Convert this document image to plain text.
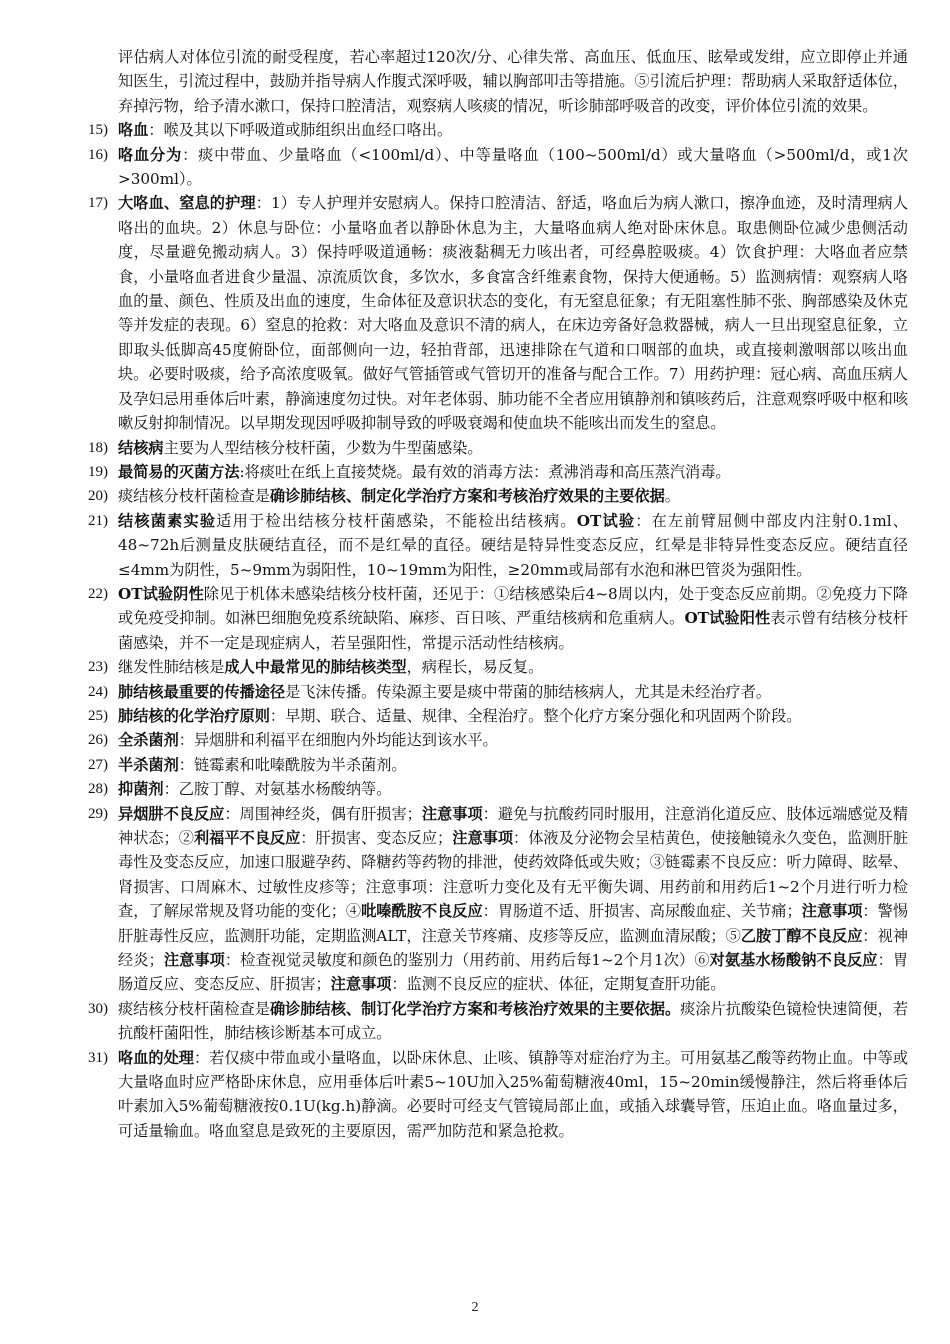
评估病人对体位引流的耐受程度，若心率超过120次/分、心律失常、高血压、低血压、眩晕或发绀，应立即停止并通知医生，引流过程中，鼓励并指导病人作腹式深呼吸，辅以胸部叩击等措施。⑤引流后护理：帮助病人采取舒适体位，弃掉污物，给予清水漱口，保持口腔清洁，观察病人咳痰的情况，听诊肺部呼吸音的改变，评价体位引流的效果。
15) 咯血：喉及其以下呼吸道或肺组织出血经口咯出。
16) 咯血分为：痰中带血、少量咯血（<100ml/d）、中等量咯血（100~500ml/d）或大量咯血（>500ml/d，或1次>300ml）。
17) 大咯血、窒息的护理：1）专人护理并安慰病人。保持口腔清洁、舒适，咯血后为病人漱口，擦净血迹，及时清理病人咯出的血块。2）休息与卧位：小量咯血者以静卧休息为主，大量咯血病人绝对卧床休息。取患侧卧位减少患侧活动度，尽量避免搬动病人。3）保持呼吸道通畅：痰液黏稠无力咳出者，可经鼻腔吸痰。4）饮食护理：大咯血者应禁食，小量咯血者进食少量温、凉流质饮食，多饮水，多食富含纤维素食物，保持大便通畅。5）监测病情：观察病人咯血的量、颜色、性质及出血的速度，生命体征及意识状态的变化，有无窒息征象；有无阻塞性肺不张、胸部感染及休克等并发症的表现。6）窒息的抢救：对大咯血及意识不清的病人，在床边旁备好急救器械，病人一旦出现窒息征象，立即取头低脚高45度俯卧位，面部侧向一边，轻拍背部，迅速排除在气道和口咽部的血块，或直接刺激咽部以咳出血块。必要时吸痰，给予高浓度吸氧。做好气管插管或气管切开的准备与配合工作。7）用药护理：冠心病、高血压病人及孕妇忌用垂体后叶素，静滴速度勿过快。对年老体弱、肺功能不全者应用镇静剂和镇咳药后，注意观察呼吸中枢和咳嗽反射抑制情况。以早期发现因呼吸抑制导致的呼吸衰竭和使血块不能咳出而发生的窒息。
18) 结核病主要为人型结核分枝杆菌，少数为牛型菌感染。
19) 最简易的灭菌方法:将痰吐在纸上直接焚烧。最有效的消毒方法：煮沸消毒和高压蒸汽消毒。
20) 痰结核分枝杆菌检查是确诊肺结核、制定化学治疗方案和考核治疗效果的主要依据。
21) 结核菌素实验适用于检出结核分枝杆菌感染，不能检出结核病。OT试验：在左前臂屈侧中部皮内注射0.1ml、48~72h后测量皮肤硬结直径，而不是红晕的直径。硬结是特异性变态反应，红晕是非特异性变态反应。硬结直径≤4mm为阴性，5~9mm为弱阳性，10~19mm为阳性，≥20mm或局部有水泡和淋巴管炎为强阳性。
22) OT试验阴性除见于机体未感染结核分枝杆菌，还见于：①结核感染后4~8周以内，处于变态反应前期。②免疫力下降或免疫受抑制。如淋巴细胞免疫系统缺陷、麻疹、百日咳、严重结核病和危重病人。OT试验阳性表示曾有结核分枝杆菌感染，并不一定是现症病人，若呈强阳性，常提示活动性结核病。
23) 继发性肺结核是成人中最常见的肺结核类型，病程长，易反复。
24) 肺结核最重要的传播途径是飞沫传播。传染源主要是痰中带菌的肺结核病人，尤其是未经治疗者。
25) 肺结核的化学治疗原则：早期、联合、适量、规律、全程治疗。整个化疗方案分强化和巩固两个阶段。
26) 全杀菌剂：异烟肼和利福平在细胞内外均能达到该水平。
27) 半杀菌剂：链霉素和吡嗪酰胺为半杀菌剂。
28) 抑菌剂：乙胺丁醇、对氨基水杨酸纳等。
29) 异烟肼不良反应：周围神经炎，偶有肝损害；注意事项：避免与抗酸药同时服用，注意消化道反应、肢体远端感觉及精神状态；②利福平不良反应：肝损害、变态反应；注意事项：体液及分泌物会呈桔黄色，使接触镜永久变色，监测肝脏毒性及变态反应，加速口服避孕药、降糖药等药物的排泄，使药效降低或失败；③链霉素不良反应：听力障碍、眩晕、肾损害、口周麻木、过敏性皮疹等；注意事项：注意听力变化及有无平衡失调、用药前和用药后1~2个月进行听力检查，了解尿常规及肾功能的变化；④吡嗪酰胺不良反应：胃肠道不适、肝损害、高尿酸血症、关节痛；注意事项：警惕肝脏毒性反应，监测肝功能，定期监测ALT，注意关节疼痛、皮疹等反应，监测血清尿酸；⑤乙胺丁醇不良反应：视神经炎；注意事项：检查视觉灵敏度和颜色的鉴别力（用药前、用药后每1~2个月1次）⑥对氨基水杨酸钠不良反应：胃肠道反应、变态反应、肝损害；注意事项：监测不良反应的症状、体征，定期复查肝功能。
30) 痰结核分枝杆菌检查是确诊肺结核、制订化学治疗方案和考核治疗效果的主要依据。痰涂片抗酸染色镜检快速简便，若抗酸杆菌阳性，肺结核诊断基本可成立。
31) 咯血的处理：若仅痰中带血或小量咯血，以卧床休息、止咳、镇静等对症治疗为主。可用氨基乙酸等药物止血。中等或大量咯血时应严格卧床休息，应用垂体后叶素5~10U加入25%葡萄糖液40ml，15~20min缓慢静注，然后将垂体后叶素加入5%葡萄糖液按0.1U(kg.h)静滴。必要时可经支气管镜局部止血，或插入球囊导管，压迫止血。咯血量过多，可适量输血。咯血窒息是致死的主要原因，需严加防范和紧急抢救。
2
